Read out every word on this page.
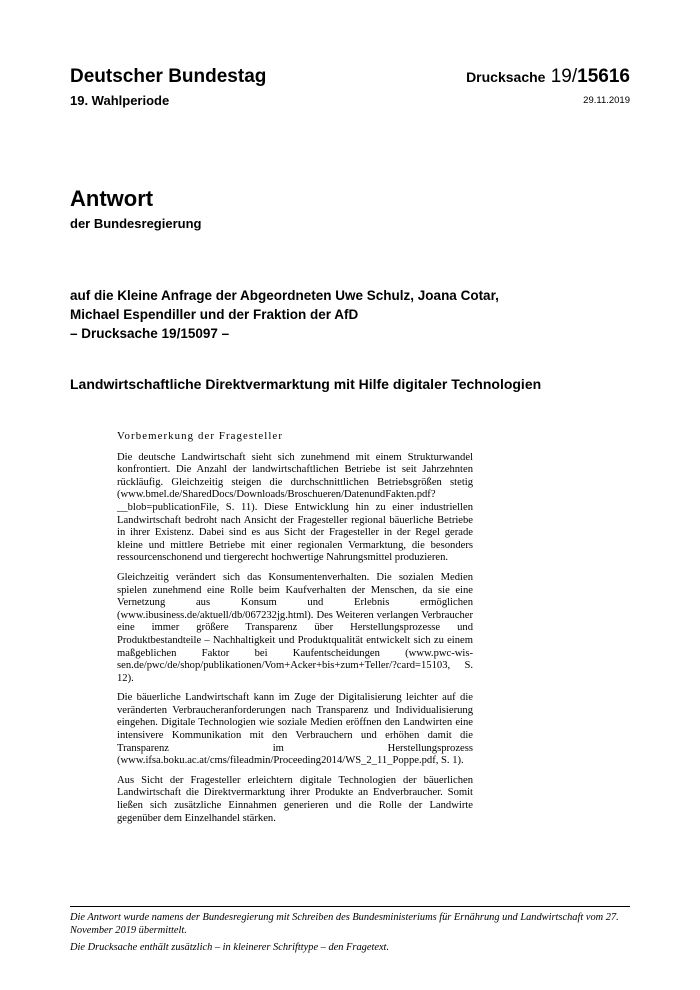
Deutscher Bundestag
19. Wahlperiode
Drucksache 19/15616
29.11.2019
Antwort
der Bundesregierung
auf die Kleine Anfrage der Abgeordneten Uwe Schulz, Joana Cotar,
Michael Espendiller und der Fraktion der AfD
– Drucksache 19/15097 –
Landwirtschaftliche Direktvermarktung mit Hilfe digitaler Technologien
Vorbemerkung der Fragesteller

Die deutsche Landwirtschaft sieht sich zunehmend mit einem Strukturwandel konfrontiert. Die Anzahl der landwirtschaftlichen Betriebe ist seit Jahrzehnten rückläufig. Gleichzeitig steigen die durchschnittlichen Betriebsgrößen stetig (www.bmel.de/SharedDocs/Downloads/Broschueren/DatenundFakten.pdf?__blob=publicationFile, S. 11). Diese Entwicklung hin zu einer industriellen Landwirtschaft bedroht nach Ansicht der Fragesteller regional bäuerliche Betriebe in ihrer Existenz. Dabei sind es aus Sicht der Fragesteller in der Regel gerade kleine und mittlere Betriebe mit einer regionalen Vermarktung, die besonders ressourcenschonend und tiergerecht hochwertige Nahrungsmittel produzieren.

Gleichzeitig verändert sich das Konsumentenverhalten. Die sozialen Medien spielen zunehmend eine Rolle beim Kaufverhalten der Menschen, da sie eine Vernetzung aus Konsum und Erlebnis ermöglichen (www.ibusiness.de/aktuell/db/067232jg.html). Des Weiteren verlangen Verbraucher eine immer größere Transparenz über Herstellungsprozesse und Produktbestandteile – Nachhaltigkeit und Produktqualität entwickelt sich zu einem maßgeblichen Faktor bei Kaufentscheidungen (www.pwc-wis-sen.de/pwc/de/shop/publikationen/Vom+Acker+bis+zum+Teller/?card=15103, S. 12).

Die bäuerliche Landwirtschaft kann im Zuge der Digitalisierung leichter auf die veränderten Verbraucheranforderungen nach Transparenz und Individualisierung eingehen. Digitale Technologien wie soziale Medien eröffnen den Landwirten eine intensivere Kommunikation mit den Verbrauchern und erhöhen damit die Transparenz im Herstellungsprozess (www.ifsa.boku.ac.at/cms/fileadmin/Proceeding2014/WS_2_11_Poppe.pdf, S. 1).

Aus Sicht der Fragesteller erleichtern digitale Technologien der bäuerlichen Landwirtschaft die Direktvermarktung ihrer Produkte an Endverbraucher. Somit ließen sich zusätzliche Einnahmen generieren und die Rolle der Landwirte gegenüber dem Einzelhandel stärken.

Die Antwort wurde namens der Bundesregierung mit Schreiben des Bundesministeriums für Ernährung und Landwirtschaft vom 27. November 2019 übermittelt.

Die Drucksache enthält zusätzlich – in kleinerer Schrifttype – den Fragetext.
